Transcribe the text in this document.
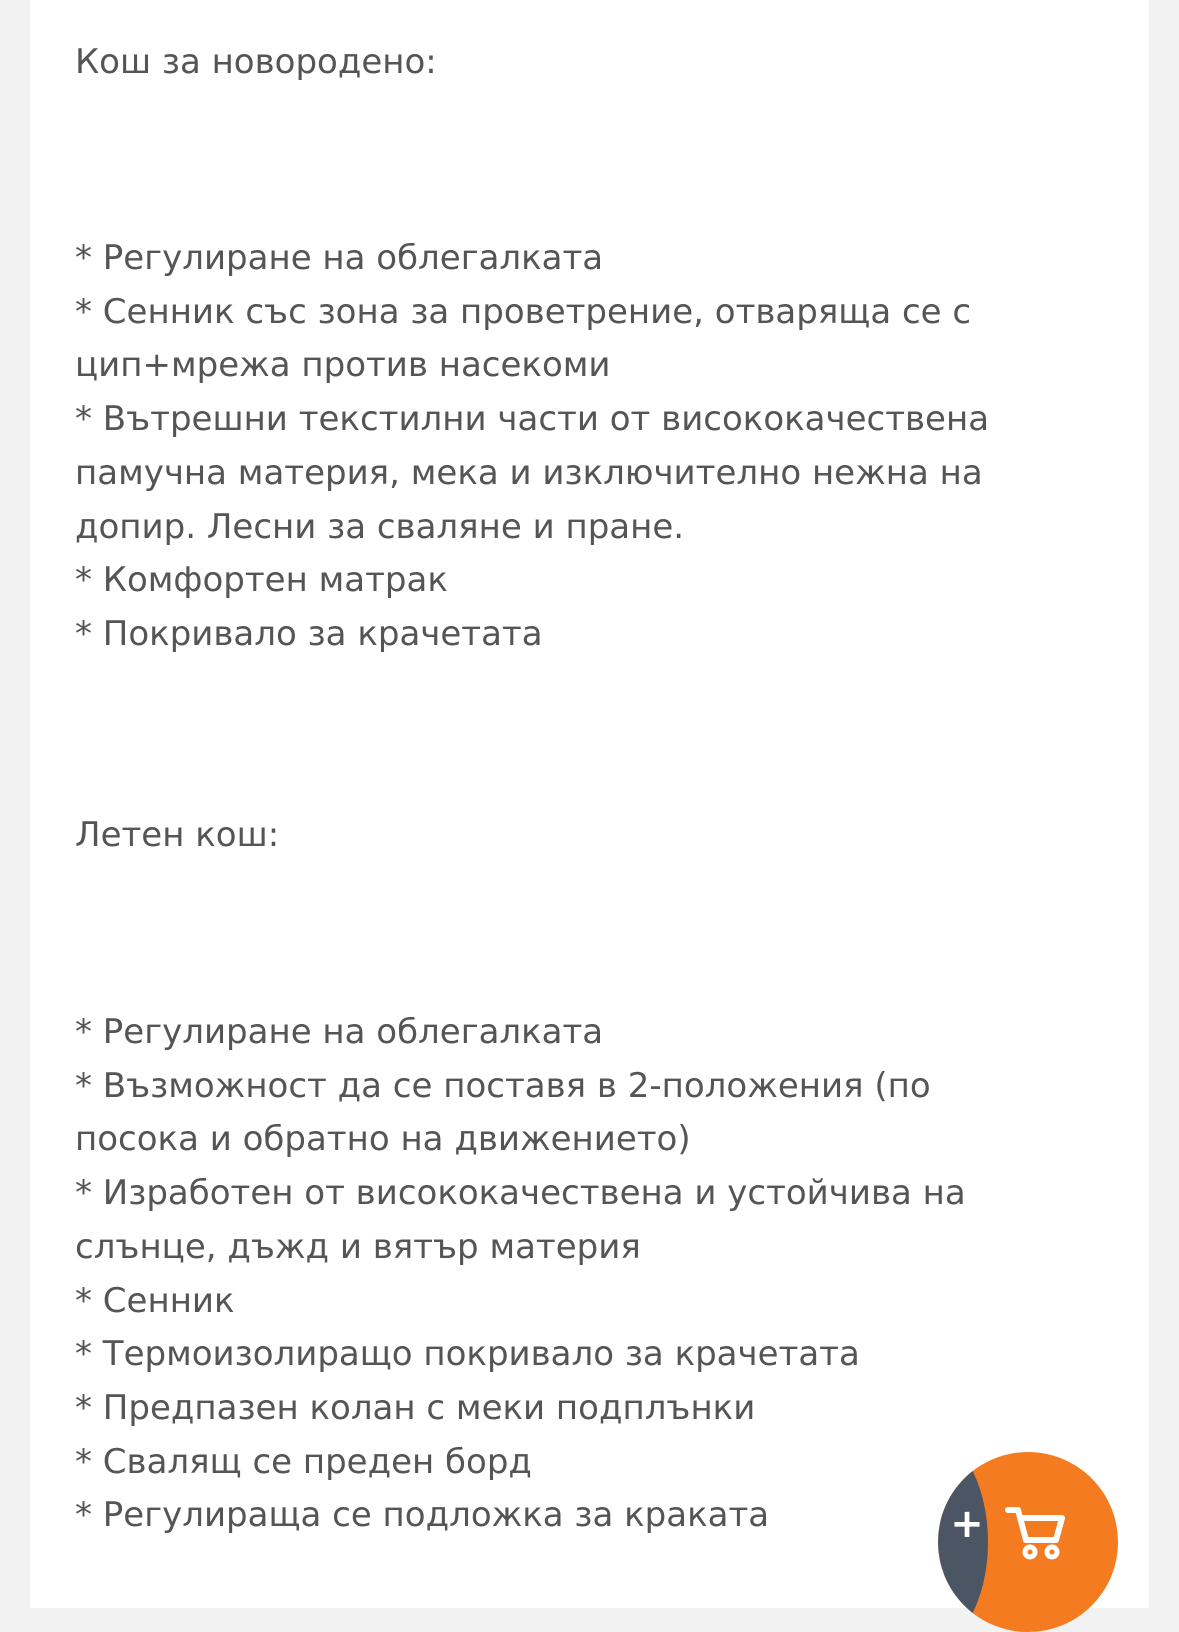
Кош за новородено:
* Регулиране на облегалката
* Сенник със зона за проветрение, отваряща се с цип+мрежа против насекоми
* Вътрешни текстилни части от висококачествена памучна материя, мека и изключително нежна на допир. Лесни за сваляне и пране.
* Комфортен матрак
* Покривало за крачетата
Летен кош:
* Регулиране на облегалката
* Възможност да се поставя в 2-положения (по посока и обратно на движението)
* Изработен от висококачествена и устойчива на слънце, дъжд и вятър материя
* Сенник
* Термоизолиращо покривало за крачетата
* Предпазен колан с меки подплънки
* Свалящ се преден борд
* Регулираща се подложка за краката	+
